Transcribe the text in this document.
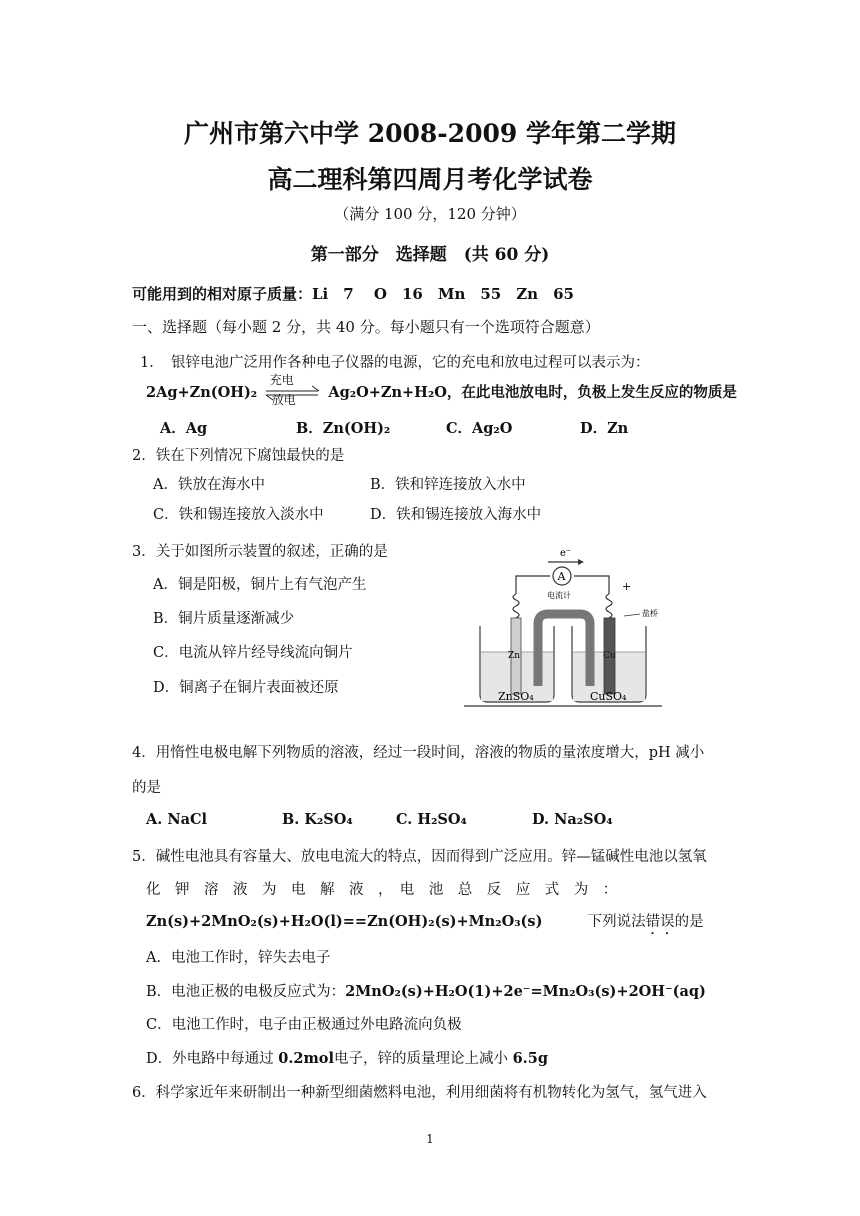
广州市第六中学 2008-2009 学年第二学期
高二理科第四周月考化学试卷
（满分 100 分，120 分钟）
第一部分　选择题　(共 60 分)
可能用到的相对原子质量：Li　7　 O　16　Mn　55　Zn　65
一、选择题（每小题 2 分，共 40 分。每小题只有一个选项符合题意）
1．　银锌电池广泛用作各种电子仪器的电源，它的充电和放电过程可以表示为：
2Ag+Zn(OH)₂
充电
放电 Ag₂O+Zn+H₂O，在此电池放电时，负极上发生反应的物质是
A．Ag	B．Zn(OH)₂	C．Ag₂O	D．Zn
2．铁在下列情况下腐蚀最快的是
A．铁放在海水中	B．铁和锌连接放入水中
C．铁和锡连接放入淡水中	D．铁和锡连接放入海水中
3．关于如图所示装置的叙述，正确的是
A．铜是阳极，铜片上有气泡产生
B．铜片质量逐渐减少
C．电流从锌片经导线流向铜片
D．铜离子在铜片表面被还原
e⁻
A
电流计
+
盐桥
Zn	Cu
ZnSO₄	CuSO₄
4．用惰性电极电解下列物质的溶液，经过一段时间，溶液的物质的量浓度增大，pH 减小
的是
A. NaCl	B. K₂SO₄	C. H₂SO₄	D. Na₂SO₄
5．碱性电池具有容量大、放电电流大的特点，因而得到广泛应用。锌—锰碱性电池以氢氧
化　钾　溶　液　为　电　解　液　，　电　池　总　反　应　式　为　：
Zn(s)+2MnO₂(s)+H₂O(l)==Zn(OH)₂(s)+Mn₂O₃(s)	下列说法错误的是
A．电池工作时，锌失去电子
B．电池正极的电极反应式为：2MnO₂(s)+H₂O(1)+2e⁻=Mn₂O₃(s)+2OH⁻(aq)
C．电池工作时，电子由正极通过外电路流向负极
D．外电路中每通过 0.2mol电子，锌的质量理论上减小 6.5g
6．科学家近年来研制出一种新型细菌燃料电池，利用细菌将有机物转化为氢气，氢气进入
1
